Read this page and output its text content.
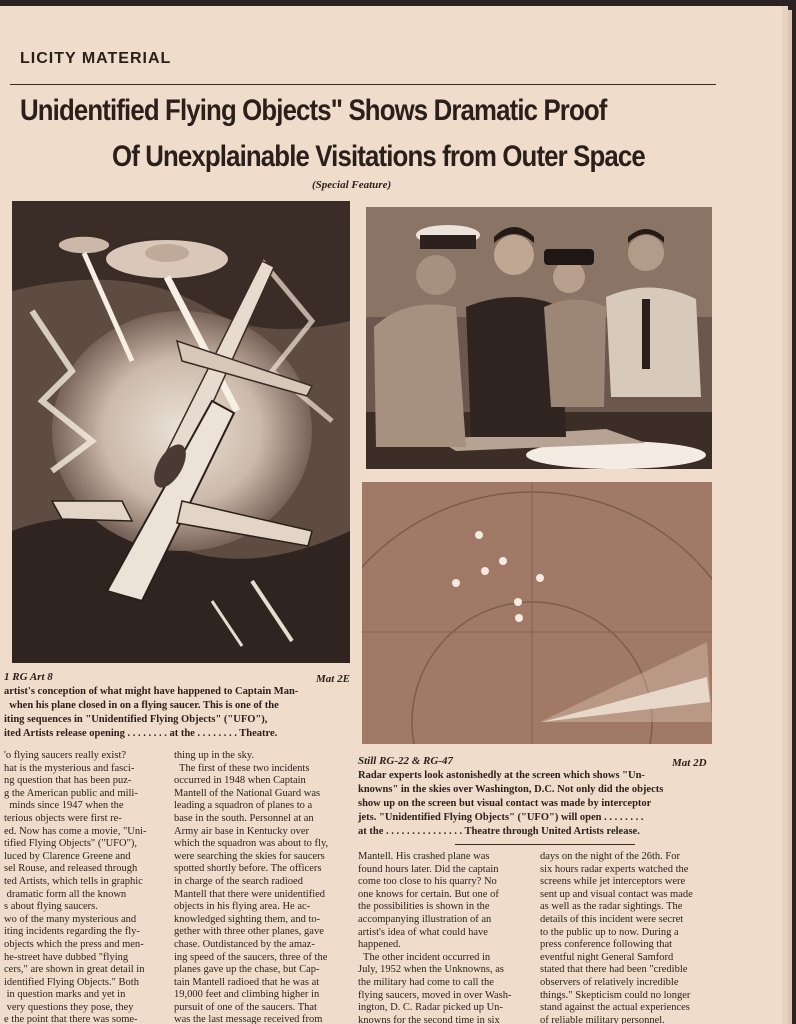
LICITY MATERIAL
Unidentified Flying Objects" Shows Dramatic Proof
Of Unexplainable Visitations from Outer Space
(Special Feature)
1 RG Art 8	Mat 2E
artist's conception of what might have happened to Captain Man-
when his plane closed in on a flying saucer. This is one of the
iting sequences in "Unidentified Flying Objects" ("UFO"),
ited Artists release opening . . . . . . . . at the . . . . . . . . Theatre.
Still RG-22 & RG-47	Mat 2D
Radar experts look astonishedly at the screen which shows "Un-
knowns" in the skies over Washington, D.C. Not only did the objects
show up on the screen but visual contact was made by interceptor
jets. "Unidentified Flying Objects" ("UFO") will open . . . . . . . .
at the . . . . . . . . . . . . . . . Theatre through United Artists release.
'o flying saucers really exist?
hat is the mysterious and fasci-
ng question that has been puz-
g the American public and mili-
minds since 1947 when the
terious objects were first re-
ed. Now has come a movie, "Uni-
tified Flying Objects" ("UFO"),
luced by Clarence Greene and
sel Rouse, and released through
ted Artists, which tells in graphic
dramatic form all the known
s about flying saucers.
wo of the many mysterious and
iting incidents regarding the fly-
objects which the press and men-
he-street have dubbed "flying
cers," are shown in great detail in
identified Flying Objects." Both
in question marks and yet in
very questions they pose, they
e the point that there was some-
thing up in the sky.
The first of these two incidents
occurred in 1948 when Captain
Mantell of the National Guard was
leading a squadron of planes to a
base in the south. Personnel at an
Army air base in Kentucky over
which the squadron was about to fly,
were searching the skies for saucers
spotted shortly before. The officers
in charge of the search radioed
Mantell that there were unidentified
objects in his flying area. He ac-
knowledged sighting them, and to-
gether with three other planes, gave
chase. Outdistanced by the amaz-
ing speed of the saucers, three of the
planes gave up the chase, but Cap-
tain Mantell radioed that he was at
19,000 feet and climbing higher in
pursuit of one of the saucers. That
was the last message received from
Mantell. His crashed plane was
found hours later. Did the captain
come too close to his quarry? No
one knows for certain. But one of
the possibilities is shown in the
accompanying illustration of an
artist's idea of what could have
happened.
The other incident occurred in
July, 1952 when the Unknowns, as
the military had come to call the
flying saucers, moved in over Wash-
ington, D. C. Radar picked up Un-
knowns for the second time in six
days on the night of the 26th. For
six hours radar experts watched the
screens while jet interceptors were
sent up and visual contact was made
as well as the radar sightings. The
details of this incident were secret
to the public up to now. During a
press conference following that
eventful night General Samford
stated that there had been "credible
observers of relatively incredible
things." Skepticism could no longer
stand against the actual experiences
of reliable military personnel.
